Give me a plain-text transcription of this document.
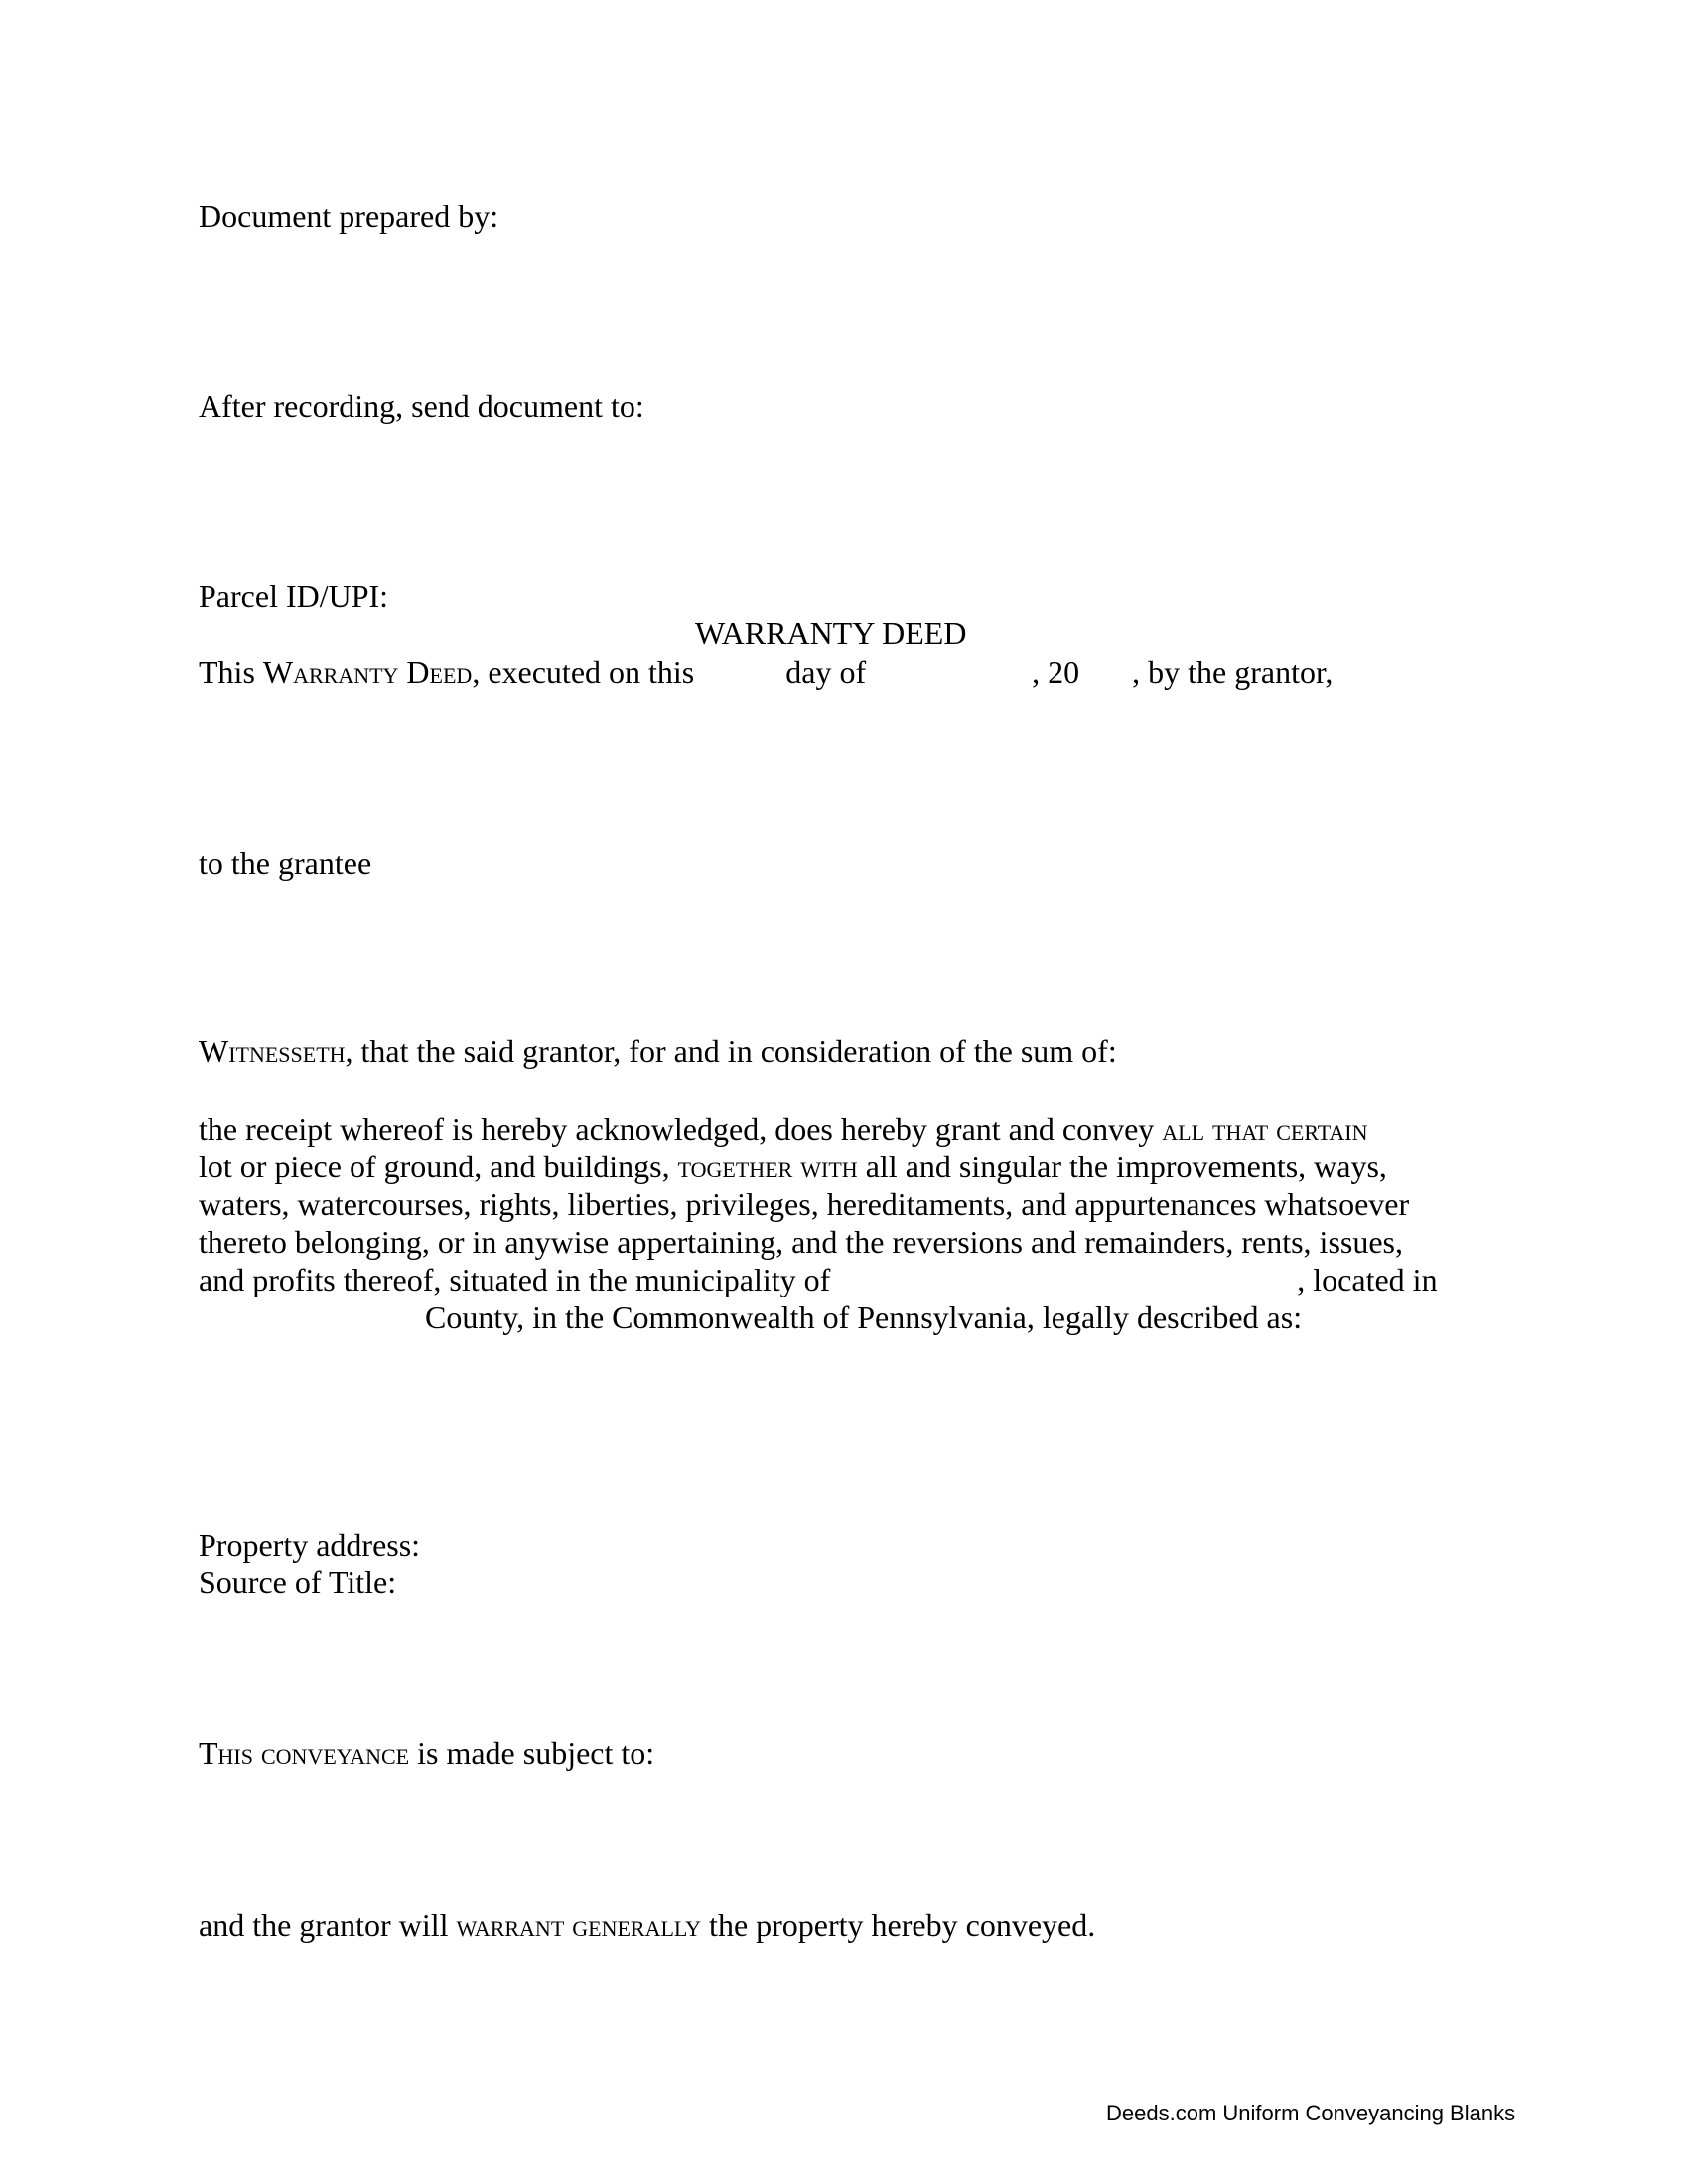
Document prepared by:
After recording, send document to:
Parcel ID/UPI:
WARRANTY DEED
This Warranty Deed, executed on this	day of	, 20 , by the grantor,
to the grantee
Witnesseth, that the said grantor, for and in consideration of the sum of:
the receipt whereof is hereby acknowledged, does hereby grant and convey all that certain
lot or piece of ground, and buildings, together with all and singular the improvements, ways,
waters, watercourses, rights, liberties, privileges, hereditaments, and appurtenances whatsoever
thereto belonging, or in anywise appertaining, and the reversions and remainders, rents, issues,
and profits thereof, situated in the municipality of	, located in
County, in the Commonwealth of Pennsylvania, legally described as:
Property address:
Source of Title:
This conveyance is made subject to:
and the grantor will warrant generally the property hereby conveyed.
Deeds.com Uniform Conveyancing Blanks
